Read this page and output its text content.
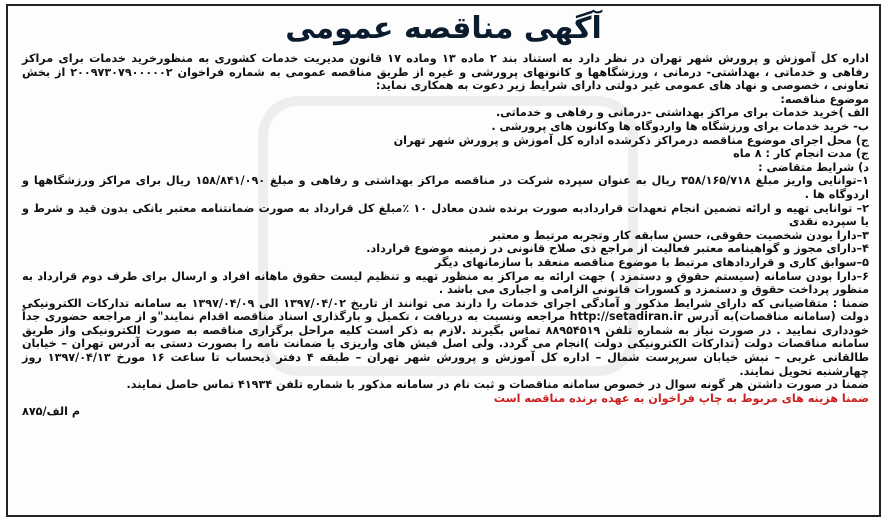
آگهی مناقصه عمومی

اداره کل آموزش و پرورش شهر تهران در نظر دارد به استناد بند ۲ ماده ۱۳ وماده ۱۷ قانون مدیریت خدمات کشوری به منظورخرید خدمات برای مراکز رفاهی و خدماتی ، بهداشتی- درمانی ، ورزشگاهها و کانونهای پرورشی و غیره از طریق مناقصه عمومی به شماره فراخوان ۲۰۰۹۷۳۰۷۹۰۰۰۰۰۲ از بخش تعاونی ، خصوصی و نهاد های عمومی غیر دولتی دارای شرایط زیر دعوت به همکاری نماید:

موضوع مناقصه:

الف )خرید خدمات برای مراکز بهداشتی -درمانی و رفاهی و خدماتی.

ب- خرید خدمات برای ورزشگاه ها واردوگاه ها وکانون های پرورشی .

ج) محل اجرای موضوع مناقصه درمراکز ذکرشده اداره کل آموزش و پرورش شهر تهران

ج) مدت انجام کار : ۸ ماه

د) شرایط متقاضی :

۱–توانایی واریز مبلغ ۳۵۸/۱۶۵/۷۱۸ ریال به عنوان سپرده شرکت در مناقصه مراکز بهداشتی و رفاهی و مبلغ ۱۵۸/۸۴۱/۰۹۰ ریال برای مراکز ورزشگاهها و اردوگاه ها .

۲– توانایی تهیه و ارائه تضمین انجام تعهدات قراردادبه صورت برنده شدن معادل ۱۰ ٪مبلغ کل قرارداد به صورت ضمانتنامه معتبر بانکی بدون قید و شرط و یا سپرده نقدی

۳–دارا بودن شخصیت حقوقی، حسن سابقه کار وتجربه مرتبط و معتبر

۴–دارای مجوز و گواهینامه معتبر فعالیت از مراجع ذی صلاح قانونی در زمینه موضوع قرارداد.

۵–سوابق کاری و قراردادهای مرتبط با موضوع مناقصه منعقد با سازمانهای دیگر

۶–دارا بودن سامانه (سیستم حقوق و دستمزد ) جهت ارائه به مراکز به منظور تهیه و تنظیم لیست حقوق ماهانه افراد و ارسال برای طرف دوم قرارداد به منظور پرداخت حقوق و دستمزد و کسورات قانونی الزامی و اجباری می باشد .

ضمنا : متقاضیانی که دارای شرایط مذکور و آمادگی اجرای خدمات را دارند می توانند از تاریخ ۱۳۹۷/۰۴/۰۲ الی ۱۳۹۷/۰۴/۰۹ به سامانه تدارکات الکترونیکی دولت (سامانه مناقصات)به آدرس http://setadiran.ir مراجعه ونسبت به دریافت ، تکمیل و بارگذاری اسناد مناقصه اقدام نمایند"و از مراجعه حضوری جداً خودداری نمایید . در صورت نیاز به شماره تلفن ۸۸۹۵۴۵۱۹ تماس بگیرند .لازم به ذکر است کلیه مراحل برگزاری مناقصه به صورت الکترونیکی واز طریق سامانه مناقصات دولت (تدارکات الکترونیکی دولت )انجام می گردد. ولی اصل فیش های واریزی یا ضمانت نامه را بصورت دستی به آدرس تهران – خیابان طالقانی غربی – نبش خیابان سرپرست شمال – اداره کل آموزش و پرورش شهر تهران – طبقه ۴ دفتر ذیحساب تا ساعت ۱۶ مورخ ۱۳۹۷/۰۴/۱۳ روز چهارشنبه تحویل نمایند.

ضمنا در صورت داشتن هر گونه سوال در خصوص سامانه مناقصات و ثبت نام در سامانه مذکور با شماره تلفن ۴۱۹۳۴ تماس حاصل نمایند.

ضمنا هزینه های مربوط به چاپ فراخوان به عهده برنده مناقصه است

م الف/۸۷۵
